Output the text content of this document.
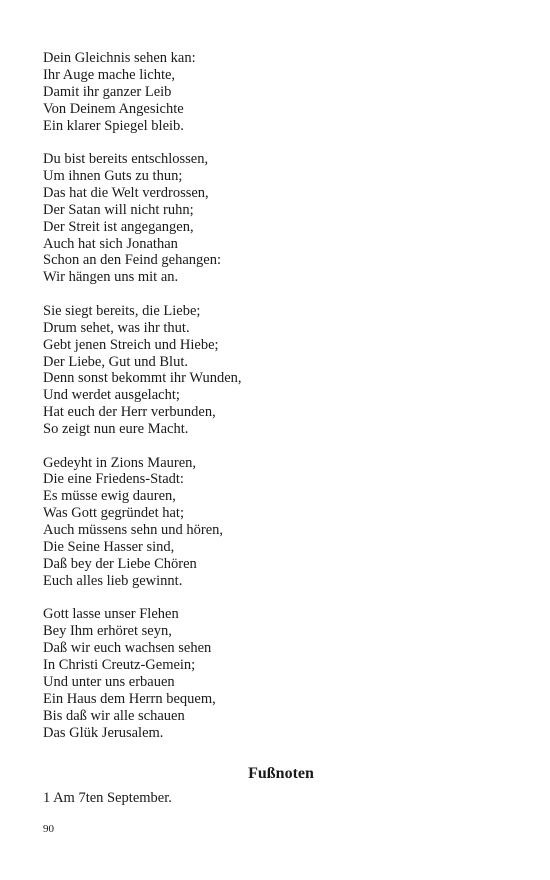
Dein Gleichnis sehen kan:
Ihr Auge mache lichte,
Damit ihr ganzer Leib
Von Deinem Angesichte
Ein klarer Spiegel bleib.
Du bist bereits entschlossen,
Um ihnen Guts zu thun;
Das hat die Welt verdrossen,
Der Satan will nicht ruhn;
Der Streit ist angegangen,
Auch hat sich Jonathan
Schon an den Feind gehangen:
Wir hängen uns mit an.
Sie siegt bereits, die Liebe;
Drum sehet, was ihr thut.
Gebt jenen Streich und Hiebe;
Der Liebe, Gut und Blut.
Denn sonst bekommt ihr Wunden,
Und werdet ausgelacht;
Hat euch der Herr verbunden,
So zeigt nun eure Macht.
Gedeyht in Zions Mauren,
Die eine Friedens-Stadt:
Es müsse ewig dauren,
Was Gott gegründet hat;
Auch müssens sehn und hören,
Die Seine Hasser sind,
Daß bey der Liebe Chören
Euch alles lieb gewinnt.
Gott lasse unser Flehen
Bey Ihm erhöret seyn,
Daß wir euch wachsen sehen
In Christi Creutz-Gemein;
Und unter uns erbauen
Ein Haus dem Herrn bequem,
Bis daß wir alle schauen
Das Glük Jerusalem.
Fußnoten
1 Am 7ten September.
90
